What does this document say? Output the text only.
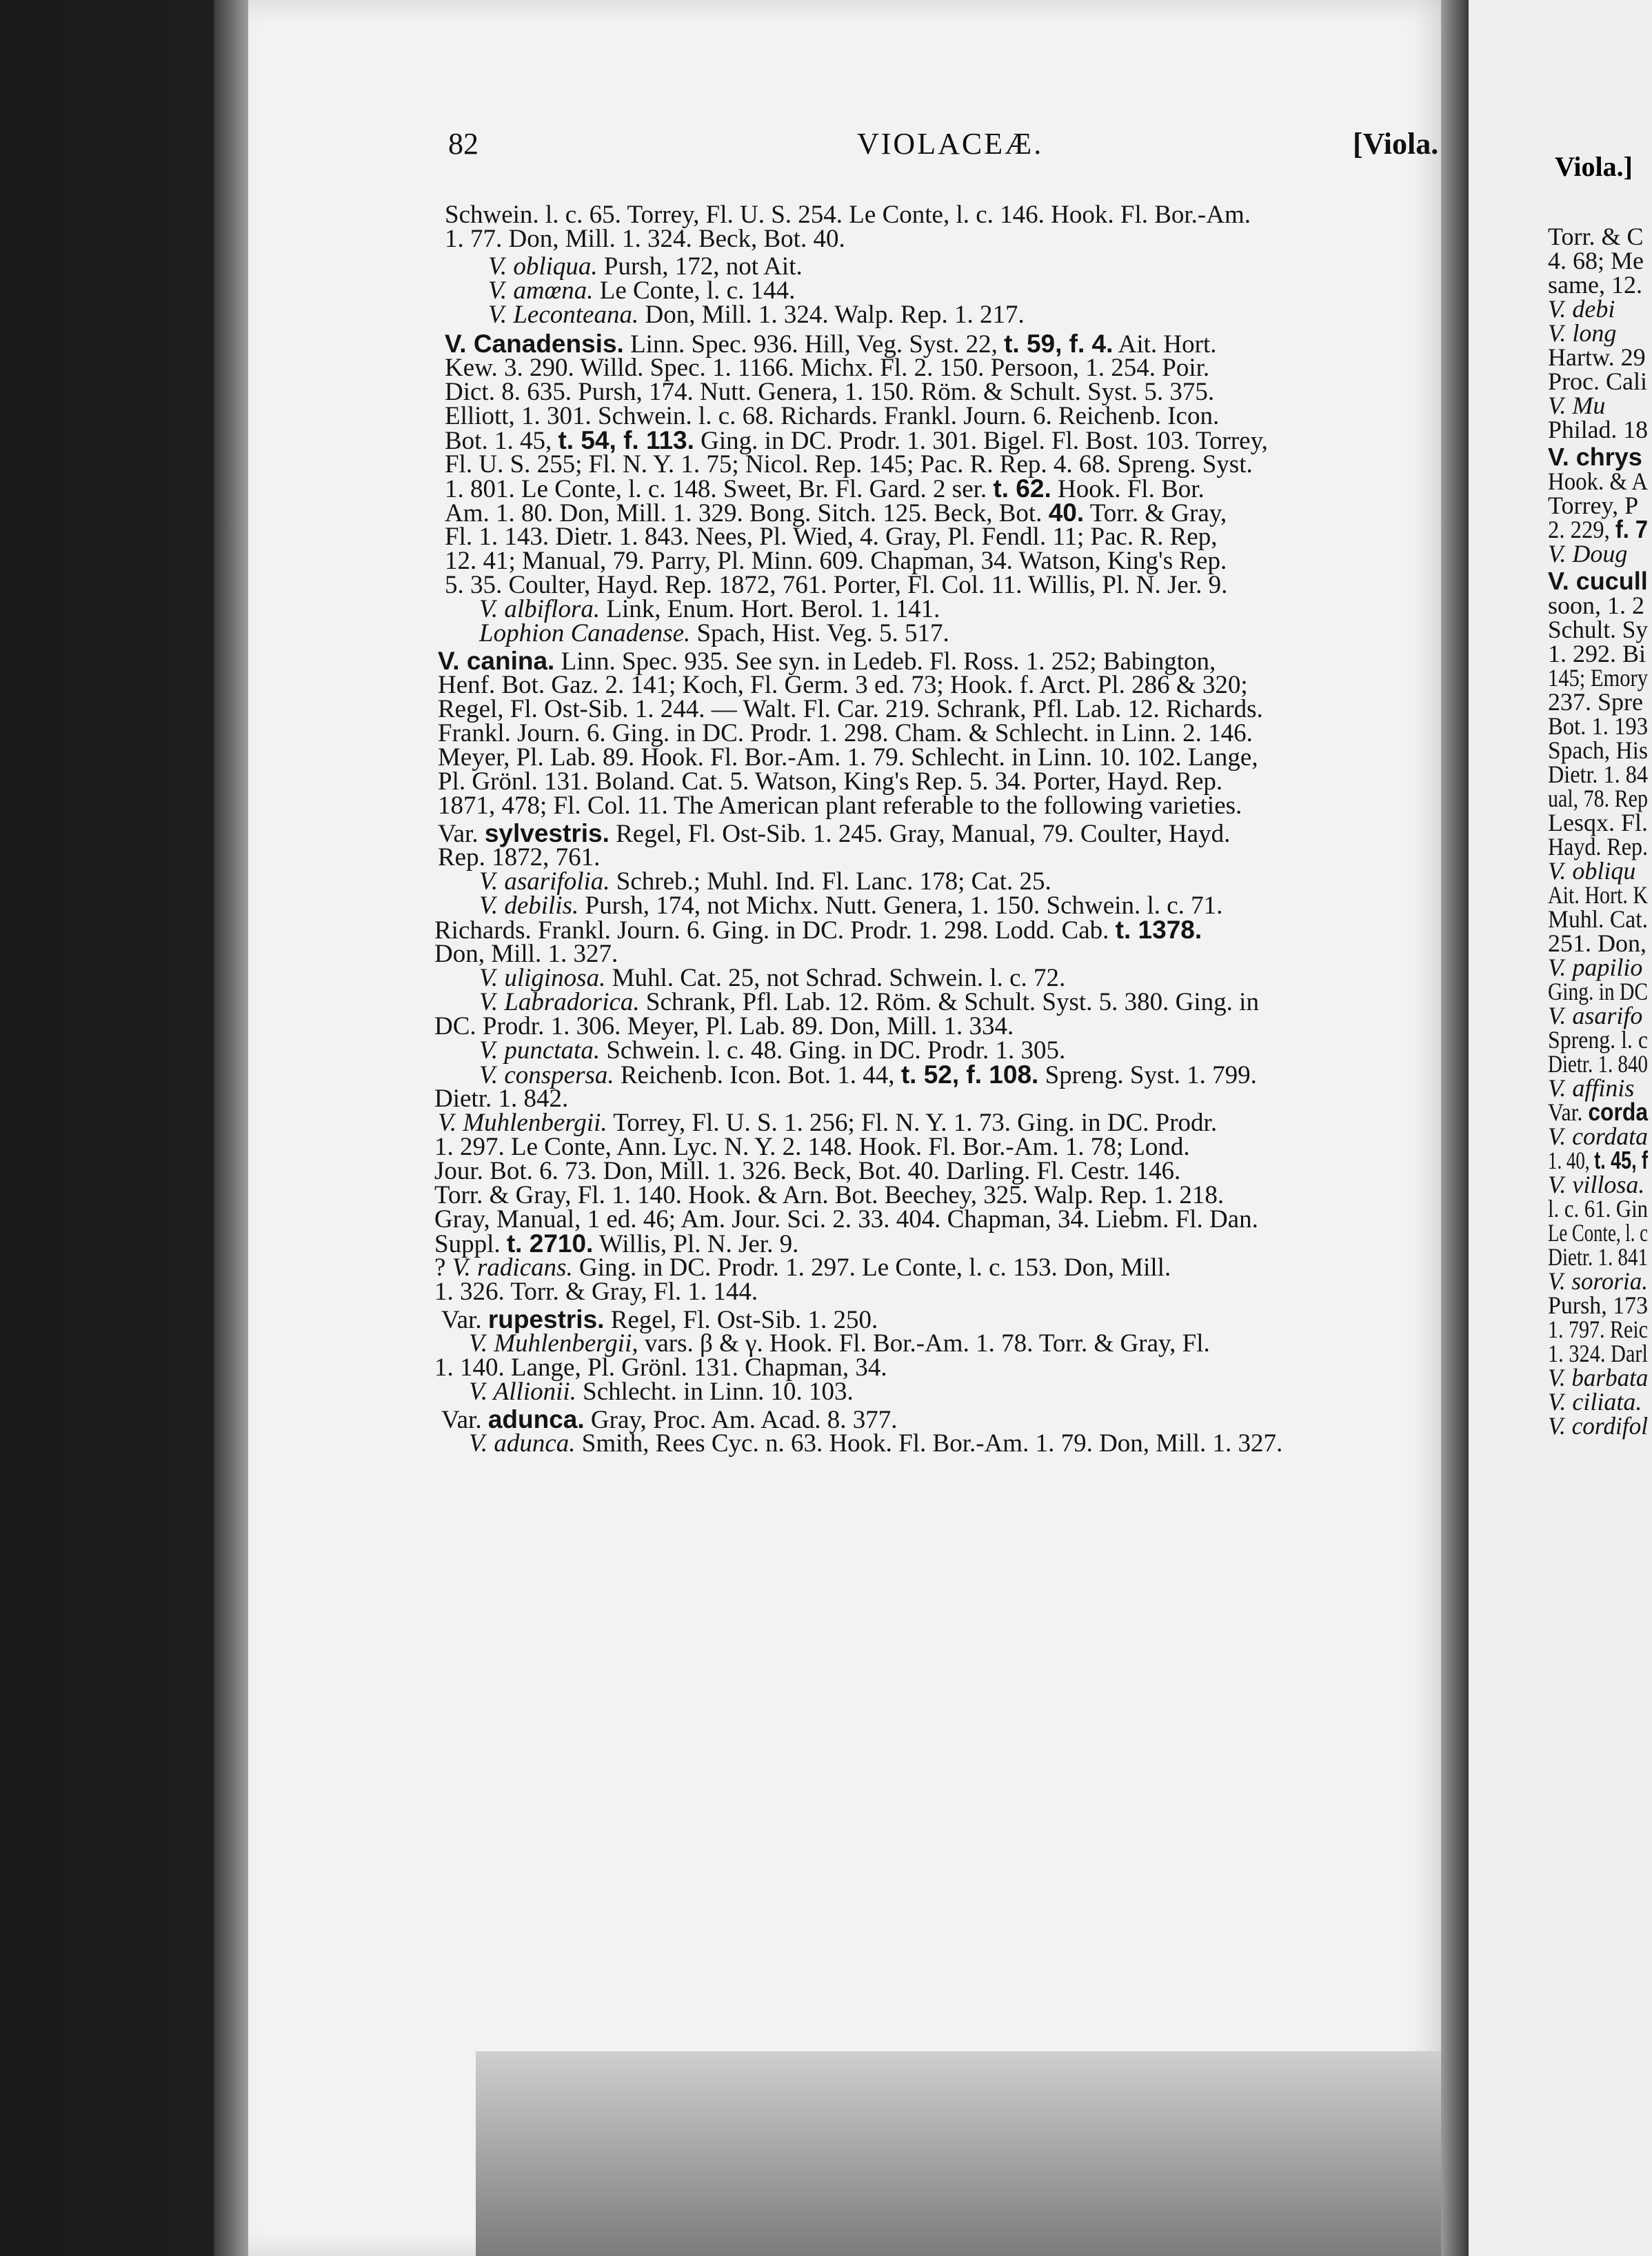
82	VIOLACEÆ.	[Viola.
Viola.]
Schwein. l. c. 65. Torrey, Fl. U. S. 254. Le Conte, l. c. 146. Hook. Fl. Bor.-Am.
1. 77. Don, Mill. 1. 324. Beck, Bot. 40.
V. obliqua. Pursh, 172, not Ait.
V. amœna. Le Conte, l. c. 144.
V. Leconteana. Don, Mill. 1. 324. Walp. Rep. 1. 217.
V. Canadensis. Linn. Spec. 936. Hill, Veg. Syst. 22, t. 59, f. 4. Ait. Hort.
Kew. 3. 290. Willd. Spec. 1. 1166. Michx. Fl. 2. 150. Persoon, 1. 254. Poir.
Dict. 8. 635. Pursh, 174. Nutt. Genera, 1. 150. Röm. & Schult. Syst. 5. 375.
Elliott, 1. 301. Schwein. l. c. 68. Richards. Frankl. Journ. 6. Reichenb. Icon.
Bot. 1. 45, t. 54, f. 113. Ging. in DC. Prodr. 1. 301. Bigel. Fl. Bost. 103. Torrey,
Fl. U. S. 255; Fl. N. Y. 1. 75; Nicol. Rep. 145; Pac. R. Rep. 4. 68. Spreng. Syst.
1. 801. Le Conte, l. c. 148. Sweet, Br. Fl. Gard. 2 ser. t. 62. Hook. Fl. Bor.
Am. 1. 80. Don, Mill. 1. 329. Bong. Sitch. 125. Beck, Bot. 40. Torr. & Gray,
Fl. 1. 143. Dietr. 1. 843. Nees, Pl. Wied, 4. Gray, Pl. Fendl. 11; Pac. R. Rep,
12. 41; Manual, 79. Parry, Pl. Minn. 609. Chapman, 34. Watson, King's Rep.
5. 35. Coulter, Hayd. Rep. 1872, 761. Porter, Fl. Col. 11. Willis, Pl. N. Jer. 9.
V. albiflora. Link, Enum. Hort. Berol. 1. 141.
Lophion Canadense. Spach, Hist. Veg. 5. 517.
V. canina. Linn. Spec. 935. See syn. in Ledeb. Fl. Ross. 1. 252; Babington,
Henf. Bot. Gaz. 2. 141; Koch, Fl. Germ. 3 ed. 73; Hook. f. Arct. Pl. 286 & 320;
Regel, Fl. Ost-Sib. 1. 244. — Walt. Fl. Car. 219. Schrank, Pfl. Lab. 12. Richards.
Frankl. Journ. 6. Ging. in DC. Prodr. 1. 298. Cham. & Schlecht. in Linn. 2. 146.
Meyer, Pl. Lab. 89. Hook. Fl. Bor.-Am. 1. 79. Schlecht. in Linn. 10. 102. Lange,
Pl. Grönl. 131. Boland. Cat. 5. Watson, King's Rep. 5. 34. Porter, Hayd. Rep.
1871, 478; Fl. Col. 11. The American plant referable to the following varieties.
Var. sylvestris. Regel, Fl. Ost-Sib. 1. 245. Gray, Manual, 79. Coulter, Hayd.
Rep. 1872, 761.
V. asarifolia. Schreb.; Muhl. Ind. Fl. Lanc. 178; Cat. 25.
V. debilis. Pursh, 174, not Michx. Nutt. Genera, 1. 150. Schwein. l. c. 71.
Richards. Frankl. Journ. 6. Ging. in DC. Prodr. 1. 298. Lodd. Cab. t. 1378.
Don, Mill. 1. 327.
V. uliginosa. Muhl. Cat. 25, not Schrad. Schwein. l. c. 72.
V. Labradorica. Schrank, Pfl. Lab. 12. Röm. & Schult. Syst. 5. 380. Ging. in
DC. Prodr. 1. 306. Meyer, Pl. Lab. 89. Don, Mill. 1. 334.
V. punctata. Schwein. l. c. 48. Ging. in DC. Prodr. 1. 305.
V. conspersa. Reichenb. Icon. Bot. 1. 44, t. 52, f. 108. Spreng. Syst. 1. 799.
Dietr. 1. 842.
V. Muhlenbergii. Torrey, Fl. U. S. 1. 256; Fl. N. Y. 1. 73. Ging. in DC. Prodr.
1. 297. Le Conte, Ann. Lyc. N. Y. 2. 148. Hook. Fl. Bor.-Am. 1. 78; Lond.
Jour. Bot. 6. 73. Don, Mill. 1. 326. Beck, Bot. 40. Darling. Fl. Cestr. 146.
Torr. & Gray, Fl. 1. 140. Hook. & Arn. Bot. Beechey, 325. Walp. Rep. 1. 218.
Gray, Manual, 1 ed. 46; Am. Jour. Sci. 2. 33. 404. Chapman, 34. Liebm. Fl. Dan.
Suppl. t. 2710. Willis, Pl. N. Jer. 9.
? V. radicans. Ging. in DC. Prodr. 1. 297. Le Conte, l. c. 153. Don, Mill.
1. 326. Torr. & Gray, Fl. 1. 144.
Var. rupestris. Regel, Fl. Ost-Sib. 1. 250.
V. Muhlenbergii, vars. β & γ. Hook. Fl. Bor.-Am. 1. 78. Torr. & Gray, Fl.
1. 140. Lange, Pl. Grönl. 131. Chapman, 34.
V. Allionii. Schlecht. in Linn. 10. 103.
Var. adunca. Gray, Proc. Am. Acad. 8. 377.
V. adunca. Smith, Rees Cyc. n. 63. Hook. Fl. Bor.-Am. 1. 79. Don, Mill. 1. 327.
Torr. & C
4. 68; Me
same, 12.
V. debi
V. long
Hartw. 29
Proc. Cali
V. Mu
Philad. 18
V. chrys
Hook. & A
Torrey, P
2. 229, f. 7
V. Doug
V. cucull
soon, 1. 2
Schult. Sy
1. 292. Bi
145; Emory
237. Spre
Bot. 1. 193
Spach, His
Dietr. 1. 84
ual, 78. Rep
Lesqx. Fl.
Hayd. Rep.
V. obliqu
Ait. Hort. K
Muhl. Cat.
251. Don,
V. papilio
Ging. in DC
V. asarifo
Spreng. l. c
Dietr. 1. 840
V. affinis
Var. corda
V. cordata
1. 40, t. 45, f
V. villosa.
l. c. 61. Gin
Le Conte, l. c
Dietr. 1. 841
V. sororia.
Pursh, 173
1. 797. Reic
1. 324. Darl
V. barbata
V. ciliata.
V. cordifol
